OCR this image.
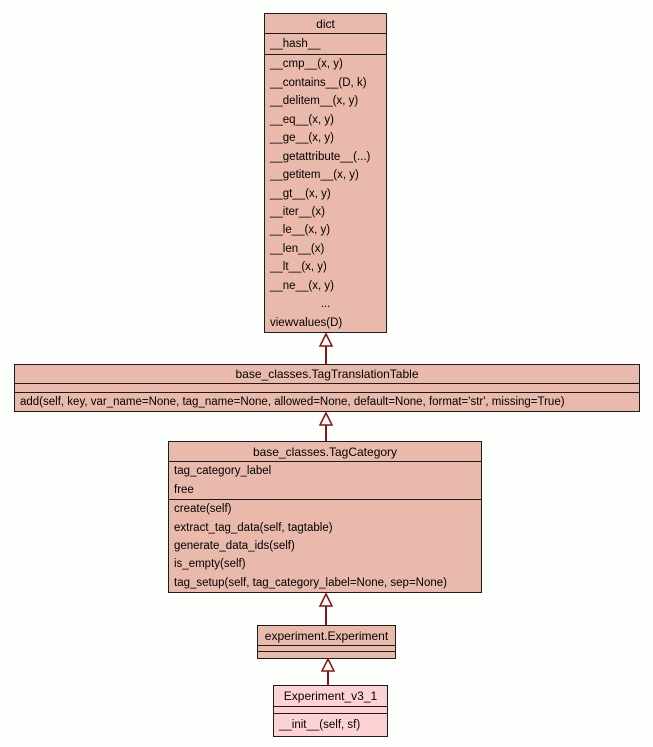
dict
__hash__
__cmp__(x, y)
__contains__(D, k)
__delitem__(x, y)
__eq__(x, y)
__ge__(x, y)
__getattribute__(...)
__getitem__(x, y)
__gt__(x, y)
__iter__(x)
__le__(x, y)
__len__(x)
__lt__(x, y)
__ne__(x, y)
...
viewvalues(D)
base_classes.TagTranslationTable
add(self, key, var_name=None, tag_name=None, allowed=None, default=None, format='str', missing=True)
base_classes.TagCategory
tag_category_label
free
create(self)
extract_tag_data(self, tagtable)
generate_data_ids(self)
is_empty(self)
tag_setup(self, tag_category_label=None, sep=None)
experiment.Experiment
Experiment_v3_1
__init__(self, sf)
